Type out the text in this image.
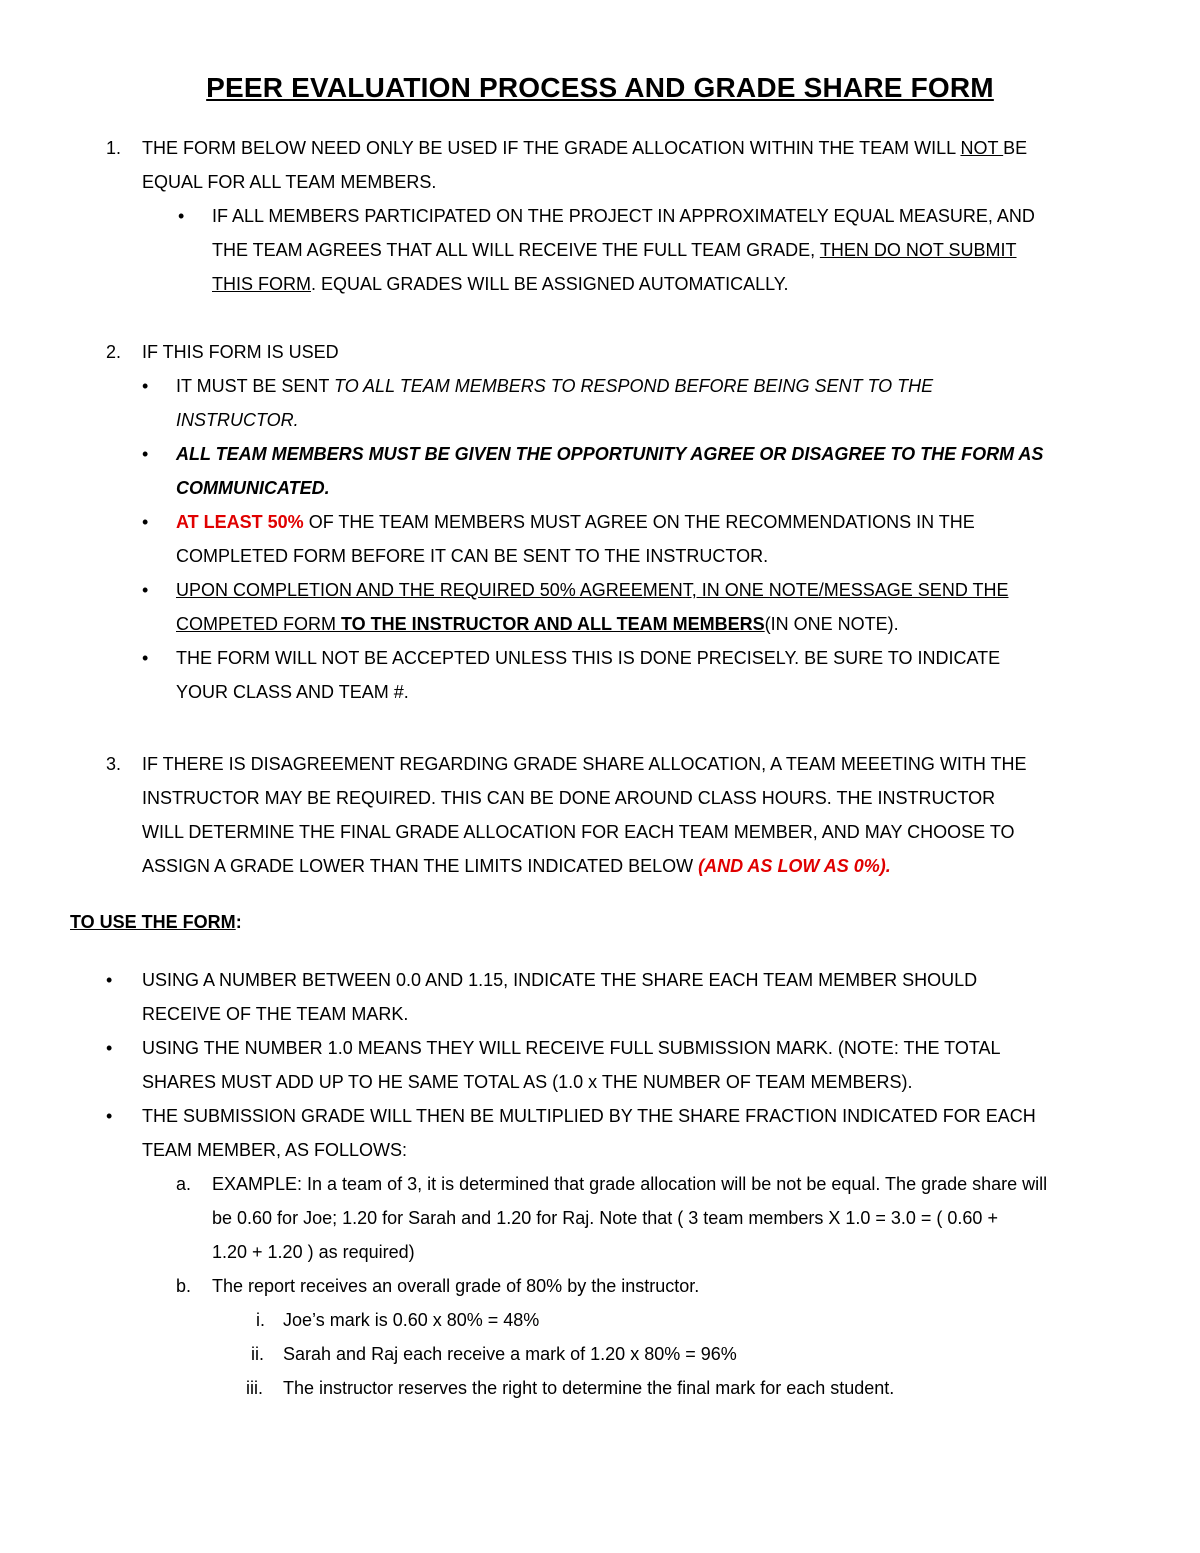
PEER EVALUATION PROCESS AND GRADE SHARE FORM
1. THE FORM BELOW NEED ONLY BE USED IF THE GRADE ALLOCATION WITHIN THE TEAM WILL NOT BE
EQUAL FOR ALL TEAM MEMBERS.
• IF ALL MEMBERS PARTICIPATED ON THE PROJECT IN APPROXIMATELY EQUAL MEASURE, AND
THE TEAM AGREES THAT ALL WILL RECEIVE THE FULL TEAM GRADE, THEN DO NOT SUBMIT
THIS FORM. EQUAL GRADES WILL BE ASSIGNED AUTOMATICALLY.
2. IF THIS FORM IS USED
• IT MUST BE SENT TO ALL TEAM MEMBERS TO RESPOND BEFORE BEING SENT TO THE
INSTRUCTOR.
• ALL TEAM MEMBERS MUST BE GIVEN THE OPPORTUNITY AGREE OR DISAGREE TO THE FORM AS
COMMUNICATED.
• AT LEAST 50% OF THE TEAM MEMBERS MUST AGREE ON THE RECOMMENDATIONS IN THE
COMPLETED FORM BEFORE IT CAN BE SENT TO THE INSTRUCTOR.
• UPON COMPLETION AND THE REQUIRED 50% AGREEMENT, IN ONE NOTE/MESSAGE SEND THE
COMPETED FORM TO THE INSTRUCTOR AND ALL TEAM MEMBERS(IN ONE NOTE).
• THE FORM WILL NOT BE ACCEPTED UNLESS THIS IS DONE PRECISELY. BE SURE TO INDICATE
YOUR CLASS AND TEAM #.
3. IF THERE IS DISAGREEMENT REGARDING GRADE SHARE ALLOCATION, A TEAM MEEETING WITH THE
INSTRUCTOR MAY BE REQUIRED. THIS CAN BE DONE AROUND CLASS HOURS. THE INSTRUCTOR
WILL DETERMINE THE FINAL GRADE ALLOCATION FOR EACH TEAM MEMBER, AND MAY CHOOSE TO
ASSIGN A GRADE LOWER THAN THE LIMITS INDICATED BELOW (AND AS LOW AS 0%).
TO USE THE FORM:
• USING A NUMBER BETWEEN 0.0 AND 1.15, INDICATE THE SHARE EACH TEAM MEMBER SHOULD
RECEIVE OF THE TEAM MARK.
• USING THE NUMBER 1.0 MEANS THEY WILL RECEIVE FULL SUBMISSION MARK. (NOTE: THE TOTAL
SHARES MUST ADD UP TO HE SAME TOTAL AS (1.0 x THE NUMBER OF TEAM MEMBERS).
• THE SUBMISSION GRADE WILL THEN BE MULTIPLIED BY THE SHARE FRACTION INDICATED FOR EACH
TEAM MEMBER, AS FOLLOWS:
a. EXAMPLE: In a team of 3, it is determined that grade allocation will be not be equal. The grade share will
be 0.60 for Joe; 1.20 for Sarah and 1.20 for Raj. Note that ( 3 team members X 1.0 = 3.0 = ( 0.60 +
1.20 + 1.20 ) as required)
b. The report receives an overall grade of 80% by the instructor.
i. Joe’s mark is 0.60 x 80% = 48%
ii. Sarah and Raj each receive a mark of 1.20 x 80% = 96%
iii. The instructor reserves the right to determine the final mark for each student.
